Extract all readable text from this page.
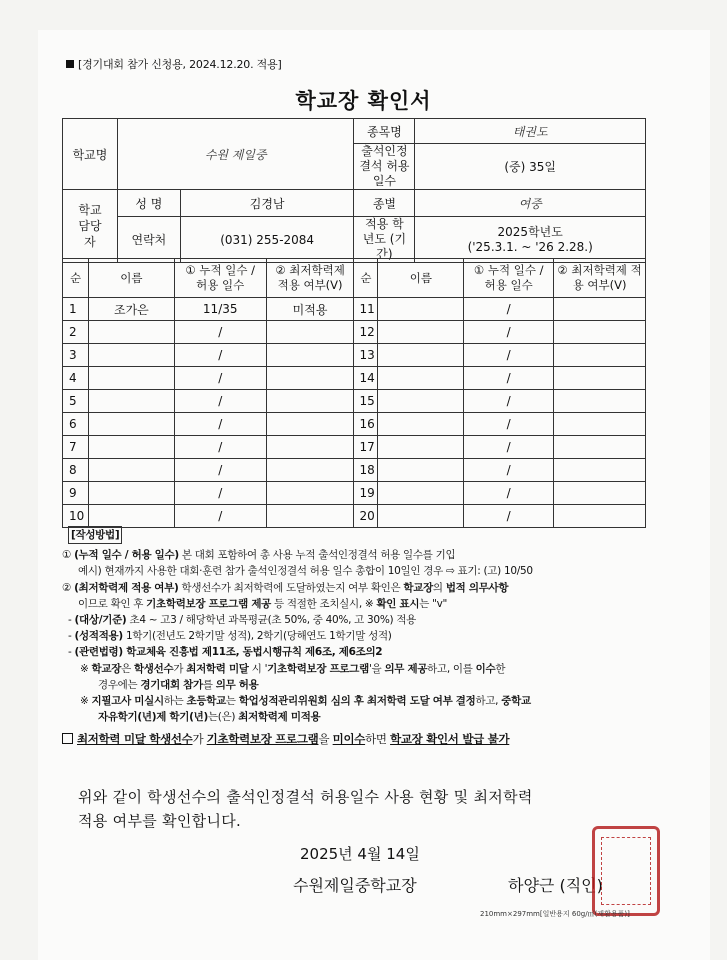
[경기대회 참가 신청용, 2024.12.20. 적용]
학교장 확인서
학교명	수원 제일중		종목명	태권도
			출석인정결석 허용 일수	(중) 35일
학교 담당자	성 명	김경남	종별	여중
	연락처	(031) 255-2084	적용 학년도 (기간)	2025학년도
('25.3.1. ~ '26 2.28.)
순	이름	① 누적 일수 / 허용 일수	② 최저학력제 적용 여부(V)	순	이름	① 누적 일수 / 허용 일수	② 최저학력제 적용 여부(V)
1	조가은	11/35	미적용	11		/	
2		/		12		/	
3		/		13		/	
4		/		14		/	
5		/		15		/	
6		/		16		/	
7		/		17		/	
8		/		18		/	
9		/		19		/	
10		/		20		/	
[작성방법]

① (누적 일수 / 허용 일수) 본 대회 포함하여 총 사용 누적 출석인정결석 허용 일수를 기입

예시) 현재까지 사용한 대회·훈련 참가 출석인정결석 허용 일수 총합이 10일인 경우 ⇨ 표기: (고) 10/50

② (최저학력제 적용 여부) 학생선수가 최저학력에 도달하였는지 여부 확인은 학교장의 법적 의무사항

이므로 확인 후 기초학력보장 프로그램 제공 등 적절한 조치실시, ※ 확인 표시는 "v"

- (대상/기준) 초4 ~ 고3 / 해당학년 과목평균(초 50%, 중 40%, 고 30%) 적용

- (성적적용) 1학기(전년도 2학기말 성적), 2학기(당해연도 1학기말 성적)

- (관련법령) 학교체육 진흥법 제11조, 동법시행규칙 제6조, 제6조의2

※ 학교장은 학생선수가 최저학력 미달 시 '기초학력보장 프로그램'을 의무 제공하고, 이를 이수한

경우에는 경기대회 참가를 의무 허용

※ 지필고사 미실시하는 초등학교는 학업성적관리위원회 심의 후 최저학력 도달 여부 결정하고, 중학교

자유학기(년)제 학기(년)는(은) 최저학력제 미적용

최저학력 미달 학생선수가 기초학력보장 프로그램을 미이수하면 학교장 확인서 발급 불가

위와 같이 학생선수의 출석인정결석 허용일수 사용 현황 및 최저학력
적용 여부를 확인합니다.
2025년 4월 14일
수원제일중학교장	하양근 (직인)
210mm×297mm[일반용지 60g/㎡(재활용품)]
